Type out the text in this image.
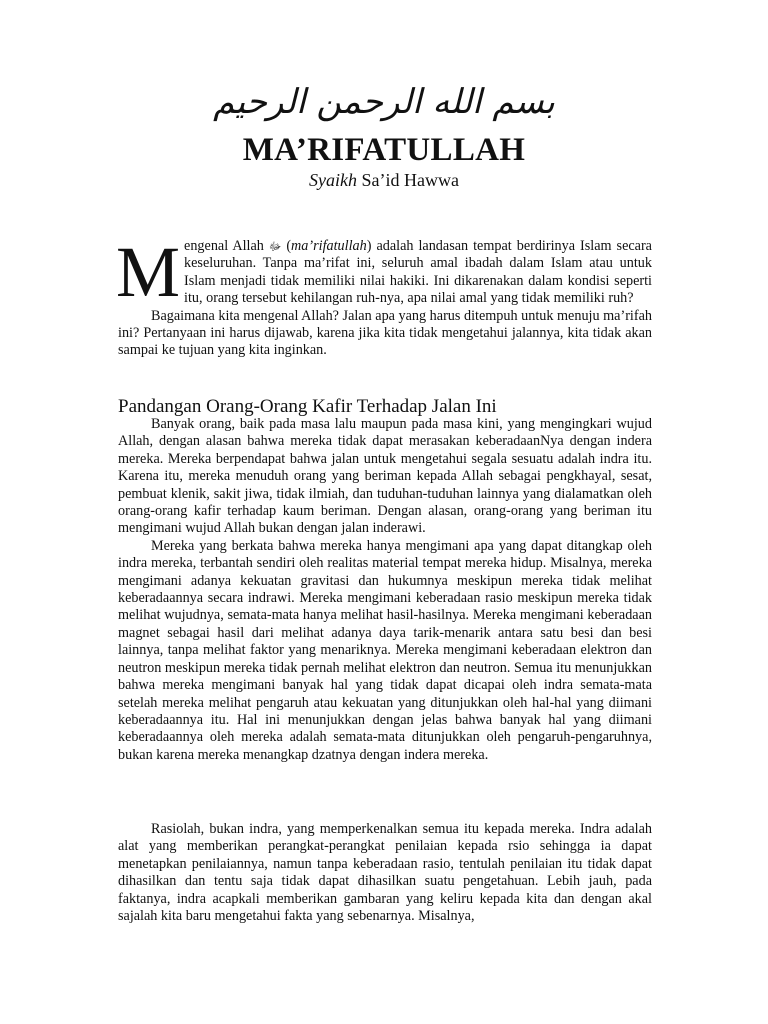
بسم الله الرحمن الرحيم
MA’RIFATULLAH
Syaikh Sa’id Hawwa

Mengenal Allah ﷻ (ma’rifatullah) adalah landasan tempat berdirinya Islam secara keseluruhan. Tanpa ma’rifat ini, seluruh amal ibadah dalam Islam atau untuk Islam menjadi tidak memiliki nilai hakiki. Ini dikarenakan dalam kondisi seperti itu, orang tersebut kehilangan ruh-nya, apa nilai amal yang tidak memiliki ruh?

Bagaimana kita mengenal Allah? Jalan apa yang harus ditempuh untuk menuju ma’rifah ini? Pertanyaan ini harus dijawab, karena jika kita tidak mengetahui jalannya, kita tidak akan sampai ke tujuan yang kita inginkan.

Pandangan Orang-Orang Kafir Terhadap Jalan Ini

Banyak orang, baik pada masa lalu maupun pada masa kini, yang mengingkari wujud Allah, dengan alasan bahwa mereka tidak dapat merasakan keberadaanNya dengan indera mereka. Mereka berpendapat bahwa jalan untuk mengetahui segala sesuatu adalah indra itu. Karena itu, mereka menuduh orang yang beriman kepada Allah sebagai pengkhayal, sesat, pembuat klenik, sakit jiwa, tidak ilmiah, dan tuduhan-tuduhan lainnya yang dialamatkan oleh orang-orang kafir terhadap kaum beriman. Dengan alasan, orang-orang yang beriman itu mengimani wujud Allah bukan dengan jalan inderawi.

Mereka yang berkata bahwa mereka hanya mengimani apa yang dapat ditangkap oleh indra mereka, terbantah sendiri oleh realitas material tempat mereka hidup. Misalnya, mereka mengimani adanya kekuatan gravitasi dan hukumnya meskipun mereka tidak melihat keberadaannya secara indrawi. Mereka mengimani keberadaan rasio meskipun mereka tidak melihat wujudnya, semata-mata hanya melihat hasil-hasilnya. Mereka mengimani keberadaan magnet sebagai hasil dari melihat adanya daya tarik-menarik antara satu besi dan besi lainnya, tanpa melihat faktor yang menariknya. Mereka mengimani keberadaan elektron dan neutron meskipun mereka tidak pernah melihat elektron dan neutron. Semua itu menunjukkan bahwa mereka mengimani banyak hal yang tidak dapat dicapai oleh indra semata-mata setelah mereka melihat pengaruh atau kekuatan yang ditunjukkan oleh hal-hal yang diimani keberadaannya itu. Hal ini menunjukkan dengan jelas bahwa banyak hal yang diimani keberadaannya oleh mereka adalah semata-mata ditunjukkan oleh pengaruh-pengaruhnya, bukan karena mereka menangkap dzatnya dengan indera mereka.

Rasiolah, bukan indra, yang memperkenalkan semua itu kepada mereka. Indra adalah alat yang memberikan perangkat-perangkat penilaian kepada rsio sehingga ia dapat menetapkan penilaiannya, namun tanpa keberadaan rasio, tentulah penilaian itu tidak dapat dihasilkan dan tentu saja tidak dapat dihasilkan suatu pengetahuan. Lebih jauh, pada faktanya, indra acapkali memberikan gambaran yang keliru kepada kita dan dengan akal sajalah kita baru mengetahui fakta yang sebenarnya. Misalnya,
